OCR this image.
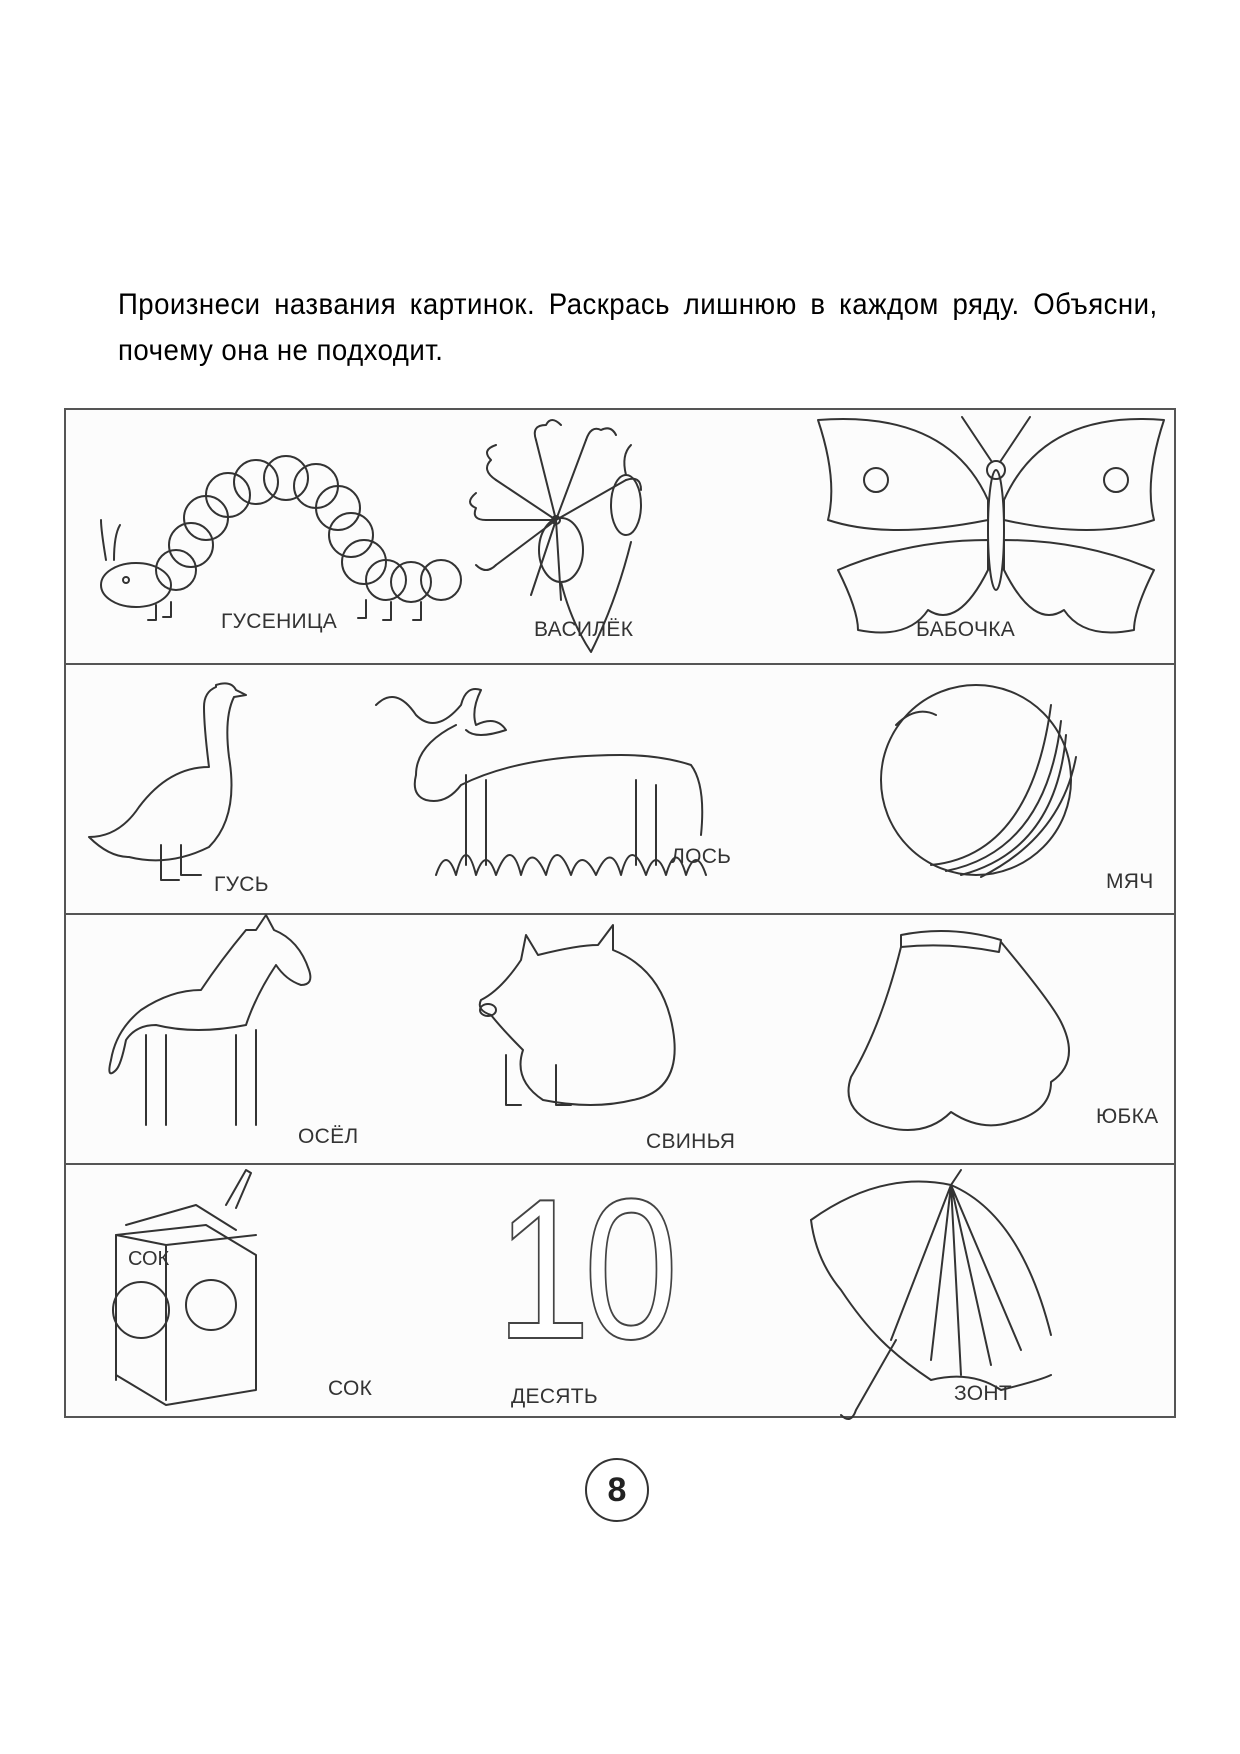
Произнеси названия картинок. Раскрась лишнюю в каждом ряду. Объясни, почему она не подходит.
ГУСЕНИЦА	ВАСИЛЁК	БАБОЧКА
ГУСЬ
ЛОСЬ
МЯЧ
ОСЁЛ	СВИНЬЯ
ЮБКА
СОК
СОК
10
ДЕСЯТЬ	ЗОНТ
8
